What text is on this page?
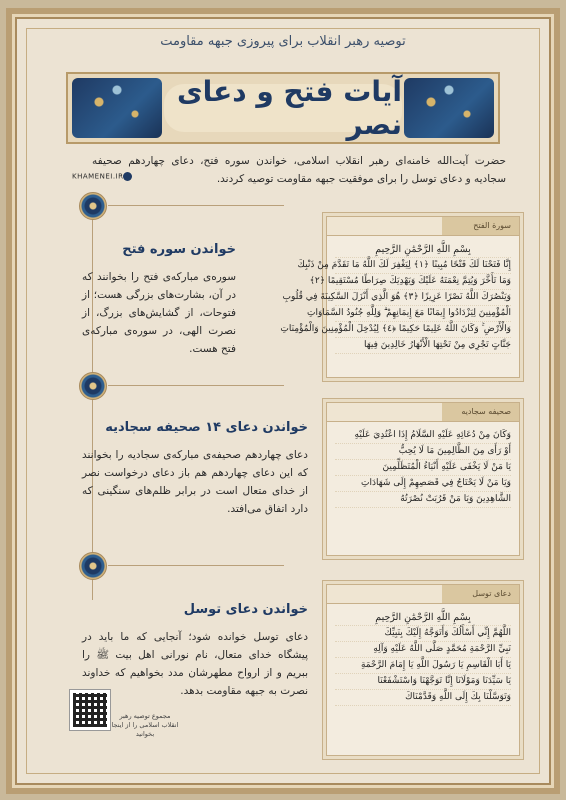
توصیه رهبر انقلاب برای پیروزی جبهه مقاومت
آیات فتح و دعای نصر
حضرت آیت‌الله خامنه‌ای رهبر انقلاب اسلامی، خواندن سوره فتح، دعای چهاردهم صحیفه سجادیه و دعای توسل را برای موفقیت جبهه مقاومت توصیه کردند.
KHAMENEI.IR
خواندن سوره فتح
سوره‌ی مبارکه‌ی فتح را بخوانند که در آن، بشارت‌های بزرگی هست؛ از فتوحات، از گشایش‌های بزرگ، از نصرت الهی، در سوره‌ی مبارکه‌ی فتح هست.
سورة الفتح
بِسْمِ اللَّهِ الرَّحْمَٰنِ الرَّحِيمِ
إِنَّا فَتَحْنَا لَكَ فَتْحًا مُبِينًا ﴿١﴾ لِيَغْفِرَ لَكَ اللَّهُ مَا تَقَدَّمَ مِنْ ذَنْبِكَ
وَمَا تَأَخَّرَ وَيُتِمَّ نِعْمَتَهُ عَلَيْكَ وَيَهْدِيَكَ صِرَاطًا مُسْتَقِيمًا ﴿٢﴾
وَيَنْصُرَكَ اللَّهُ نَصْرًا عَزِيزًا ﴿٣﴾ هُوَ الَّذِي أَنْزَلَ السَّكِينَةَ فِي قُلُوبِ
الْمُؤْمِنِينَ لِيَزْدَادُوا إِيمَانًا مَعَ إِيمَانِهِمْ ۗ وَلِلَّهِ جُنُودُ السَّمَاوَاتِ
وَالْأَرْضِ ۚ وَكَانَ اللَّهُ عَلِيمًا حَكِيمًا ﴿٤﴾ لِيُدْخِلَ الْمُؤْمِنِينَ وَالْمُؤْمِنَاتِ
جَنَّاتٍ تَجْرِي مِنْ تَحْتِهَا الْأَنْهَارُ خَالِدِينَ فِيهَا
خواندن دعای ۱۴ صحیفه سجادیه
دعای چهاردهم صحیفه‌ی مبارکه‌ی سجادیه را بخوانند که این دعای چهاردهم هم باز دعای درخواست نصر از خدای متعال است در برابر ظلم‌های سنگینی که دارد اتفاق می‌افتد.
صحیفه سجادیه
وَكَانَ مِنْ دُعَائِهِ عَلَيْهِ السَّلَامُ إِذَا اعْتُدِيَ عَلَيْهِ
أَوْ رَأَى مِنَ الظَّالِمِينَ مَا لَا يُحِبُّ
يَا مَنْ لَا يَخْفَى عَلَيْهِ أَنْبَاءُ الْمُتَظَلِّمِينَ
وَيَا مَنْ لَا يَحْتَاجُ فِي قَصَصِهِمْ إِلَى شَهَادَاتِ
الشَّاهِدِينَ وَيَا مَنْ قَرُبَتْ نُصْرَتُهُ
خواندن دعای توسل
دعای توسل خوانده شود؛ آنجایی که ما باید در پیشگاه خدای متعال، نام نورانی اهل بیت ﷺ را ببریم و از ارواح مطهرشان مدد بخواهیم که خداوند نصرت به جبهه مقاومت بدهد.
دعای توسل
بِسْمِ اللَّهِ الرَّحْمَٰنِ الرَّحِيمِ
اللَّهُمَّ إِنِّي أَسْأَلُكَ وَأَتَوَجَّهُ إِلَيْكَ بِنَبِيِّكَ
نَبِيِّ الرَّحْمَةِ مُحَمَّدٍ صَلَّى اللَّهُ عَلَيْهِ وَآلِهِ
يَا أَبَا الْقَاسِمِ يَا رَسُولَ اللَّهِ يَا إِمَامَ الرَّحْمَةِ
يَا سَيِّدَنَا وَمَوْلَانَا إِنَّا تَوَجَّهْنَا وَاسْتَشْفَعْنَا
وَتَوَسَّلْنَا بِكَ إِلَى اللَّهِ وَقَدَّمْنَاكَ
مجموع توصیه رهبر انقلاب اسلامی را از اینجا بخوانید
